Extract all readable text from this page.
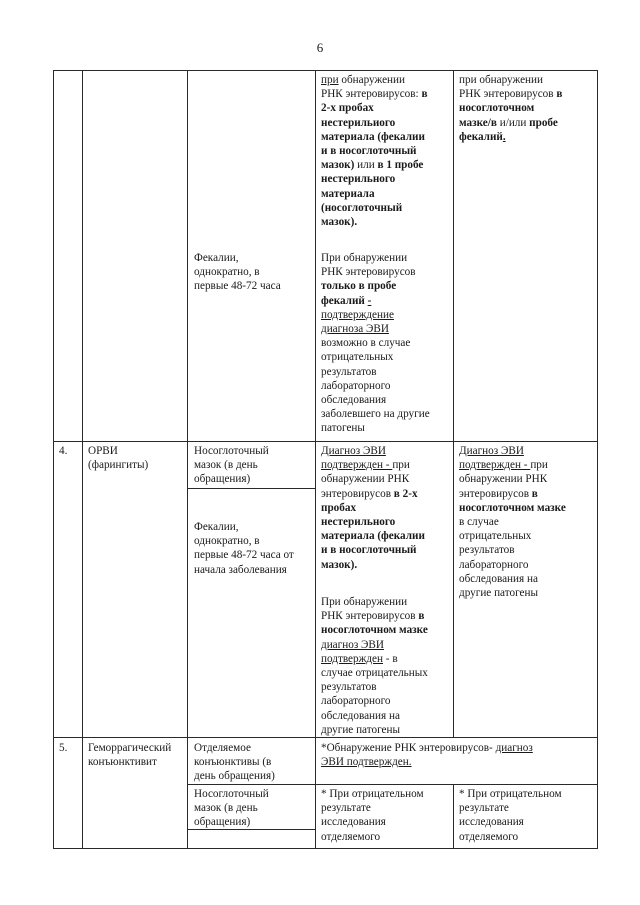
6
Фекалии,
однократно, в
первые 48-72 часа
при обнаружении
РНК энтеровирусов: в
2-х пробах
нестерильиого
материала (фекалии
и в носоглоточный
мазок) или в 1 пробе
нестерильного
материала
(носоглоточный
мазок).
При обнаружении
РНК энтеровирусов
только в пробе
фекалий -
подтверждение
диагноза ЭВИ
возможно в случае
отрицательных
результатов
лабораторного
обследования
заболевшего на другие
патогены
при обнаружении
РНК энтеровирусов в
носоглоточном
мазке/в и/или пробе
фекалий.
4.	ОРВИ
(фарингиты)
Носоглоточный
мазок (в день
обращения)
Фекалии,
однократно, в
первые 48-72 часа от
начала заболевания
Диагноз ЭВИ
подтвержден - при
обнаружении РНК
энтеровирусов в 2-х
пробах
нестерильного
материала (фекалии
и в носоглоточный
мазок).
При обнаружении
РНК энтеровирусов в
носоглоточном мазке
диагноз ЭВИ
подтвержден - в
случае отрицательных
результатов
лабораторного
обследования на
другие патогены
Диагноз ЭВИ
подтвержден - при
обнаружении РНК
энтеровирусов в
носоглоточном мазке
в случае
отрицательных
результатов
лабораторного
обследования на
другие патогены
5.	Геморрагический
конъюнктивит
Отделяемое
конъюнктивы (в
день обращения)
Носоглоточный
мазок (в день
обращения)
*Обнаружение РНК энтеровирусов- диагноз
ЭВИ подтвержден.
* При отрицательном
результате
исследования
отделяемого
* При отрицательном
результате
исследования
отделяемого
